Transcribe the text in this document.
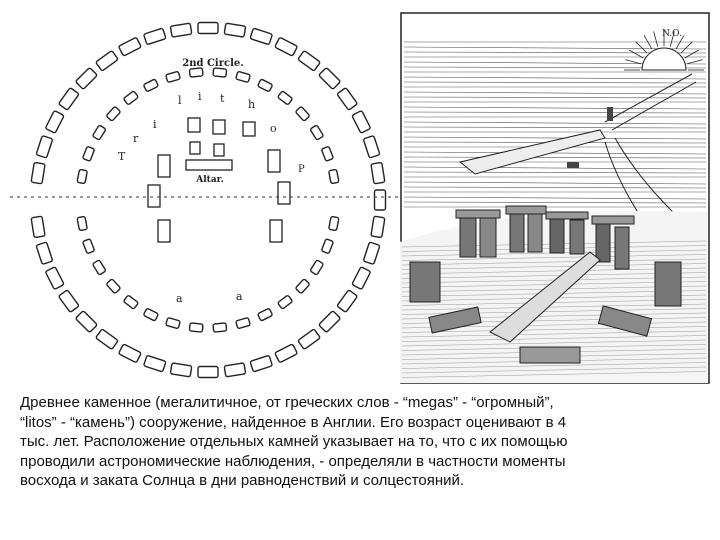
2nd Circle.
Altar.
l i t h
o
i
T
r
a	a
P
N.O.

Древнее каменное (мегалитичное, от греческих слов - “megas” - “огромный”,

“litos” - “камень”) сооружение, найденное в Англии. Его возраст оценивают в 4

тыс. лет. Расположение отдельных камней указывает на то, что с их помощью

проводили астрономические наблюдения, - определяли в частности моменты

восхода и заката Солнца в дни равноденствий и солцестояний.
